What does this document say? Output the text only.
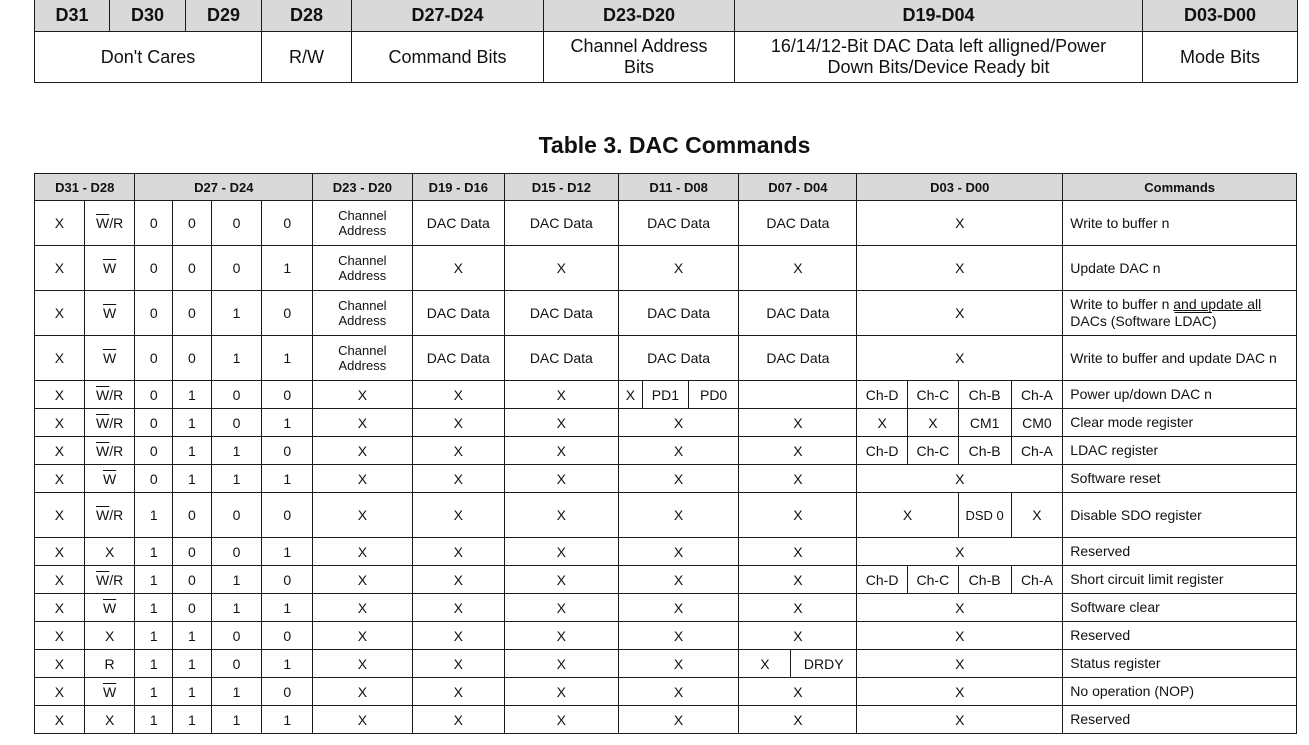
D31	D30	D29	D28	D27-D24	D23-D20	D19-D04	D03-D00
Don't Cares			R/W	Command Bits	Channel Address Bits	16/14/12-Bit DAC Data left alligned/Power Down Bits/Device Ready bit	Mode Bits
Table 3. DAC Commands
D31 - D28		D27 - D24				D23 - D20	D19 - D16	D15 - D12	D11 - D08			D07 - D04		D03 - D00				Commands
X	$\overline{W}/R$	0	0	0	0	Channel Address	DAC Data	DAC Data	DAC Data			DAC Data		X				Write to buffer n
X	$\overline{W}$	0	0	0	1	Channel Address	X	X	X			X		X				Update DAC n
X	$\overline{W}$	0	0	1	0	Channel Address	DAC Data	DAC Data	DAC Data			DAC Data		X				Write to buffer n and update all DACs (Software LDAC)
X	$\overline{W}$	0	0	1	1	Channel Address	DAC Data	DAC Data	DAC Data			DAC Data		X				Write to buffer and update DAC n
X	$\overline{W}/R$	0	1	0	0	X	X	X	X	PD1	PD0			Ch-D	Ch-C	Ch-B	Ch-A	Power up/down DAC n
X	$\overline{W}/R$	0	1	0	1	X	X	X	X			X		X	X	CM1	CM0	Clear mode register
X	$\overline{W}/R$	0	1	1	0	X	X	X	X			X		Ch-D	Ch-C	Ch-B	Ch-A	LDAC register
X	$\overline{W}$	0	1	1	1	X	X	X	X			X		X				Software reset
X	$\overline{W}/R$	1	0	0	0	X	X	X	X			X		X		DSD 0	X	Disable SDO register
X	X	1	0	0	1	X	X	X	X			X		X				Reserved
X	$\overline{W}/R$	1	0	1	0	X	X	X	X			X		Ch-D	Ch-C	Ch-B	Ch-A	Short circuit limit register
X	$\overline{W}$	1	0	1	1	X	X	X	X			X		X				Software clear
X	X	1	1	0	0	X	X	X	X			X		X				Reserved
X	R	1	1	0	1	X	X	X	X			X	DRDY	X				Status register
X	$\overline{W}$	1	1	1	0	X	X	X	X			X		X				No operation (NOP)
X	X	1	1	1	1	X	X	X	X			X		X				Reserved
